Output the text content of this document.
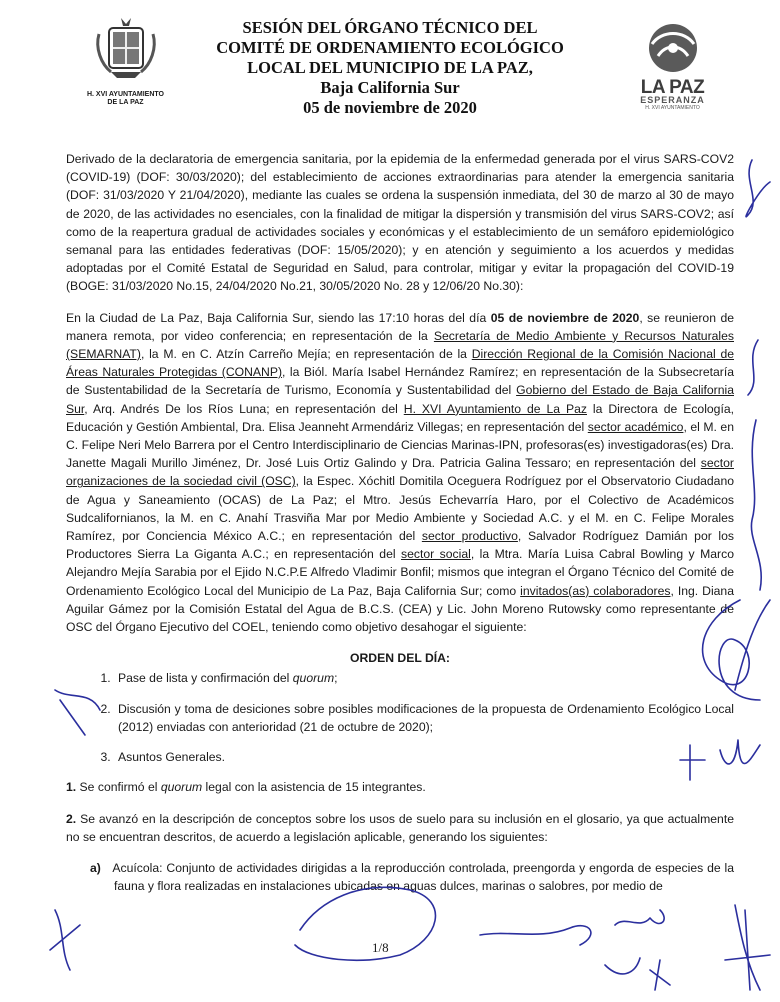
H. XVI AYUNTAMIENTO
DE LA PAZ
SESIÓN DEL ÓRGANO TÉCNICO DEL
COMITÉ DE ORDENAMIENTO ECOLÓGICO
LOCAL DEL MUNICIPIO DE LA PAZ,
Baja California Sur
05 de noviembre de 2020
LA PAZ
ESPERANZA
H. XVI AYUNTAMIENTO

Derivado de la declaratoria de emergencia sanitaria, por la epidemia de la enfermedad generada por el virus SARS-COV2 (COVID-19) (DOF: 30/03/2020); del establecimiento de acciones extraordinarias para atender la emergencia sanitaria (DOF: 31/03/2020 Y 21/04/2020), mediante las cuales se ordena la suspensión inmediata, del 30 de marzo al 30 de mayo de 2020, de las actividades no esenciales, con la finalidad de mitigar la dispersión y transmisión del virus SARS-COV2; así como de la reapertura gradual de actividades sociales y económicas y el establecimiento de un semáforo epidemiológico semanal para las entidades federativas (DOF: 15/05/2020); y en atención y seguimiento a los acuerdos y medidas adoptadas por el Comité Estatal de Seguridad en Salud, para controlar, mitigar y evitar la propagación del COVID-19 (BOGE: 31/03/2020 No.15, 24/04/2020 No.21, 30/05/2020 No. 28 y 12/06/20 No.30):

En la Ciudad de La Paz, Baja California Sur, siendo las 17:10 horas del día 05 de noviembre de 2020, se reunieron de manera remota, por video conferencia; en representación de la Secretaría de Medio Ambiente y Recursos Naturales (SEMARNAT), la M. en C. Atzín Carreño Mejía; en representación de la Dirección Regional de la Comisión Nacional de Áreas Naturales Protegidas (CONANP), la Biól. María Isabel Hernández Ramírez; en representación de la Subsecretaría de Sustentabilidad de la Secretaría de Turismo, Economía y Sustentabilidad del Gobierno del Estado de Baja California Sur, Arq. Andrés De los Ríos Luna; en representación del H. XVI Ayuntamiento de La Paz la Directora de Ecología, Educación y Gestión Ambiental, Dra. Elisa Jeanneht Armendáriz Villegas; en representación del sector académico, el M. en C. Felipe Neri Melo Barrera por el Centro Interdisciplinario de Ciencias Marinas-IPN, profesoras(es) investigadoras(es) Dra. Janette Magali Murillo Jiménez, Dr. José Luis Ortiz Galindo y Dra. Patricia Galina Tessaro; en representación del sector organizaciones de la sociedad civil (OSC), la Espec. Xóchitl Domitila Oceguera Rodríguez por el Observatorio Ciudadano de Agua y Saneamiento (OCAS) de La Paz; el Mtro. Jesús Echevarría Haro, por el Colectivo de Académicos Sudcalifornianos, la M. en C. Anahí Trasviña Mar por Medio Ambiente y Sociedad A.C. y el M. en C. Felipe Morales Ramírez, por Conciencia México A.C.; en representación del sector productivo, Salvador Rodríguez Damián por los Productores Sierra La Giganta A.C.; en representación del sector social, la Mtra. María Luisa Cabral Bowling y Marco Alejandro Mejía Sarabia por el Ejido N.C.P.E Alfredo Vladimir Bonfil; mismos que integran el Órgano Técnico del Comité de Ordenamiento Ecológico Local del Municipio de La Paz, Baja California Sur; como invitados(as) colaboradores, Ing. Diana Aguilar Gámez por la Comisión Estatal del Agua de B.C.S. (CEA) y Lic. John Moreno Rutowsky como representante de OSC del Órgano Ejecutivo del COEL, teniendo como objetivo desahogar el siguiente:

ORDEN DEL DÍA:
1. Pase de lista y confirmación del quorum;
2. Discusión y toma de desiciones sobre posibles modificaciones de la propuesta de Ordenamiento Ecológico Local (2012) enviadas con anterioridad (21 de octubre de 2020);
3. Asuntos Generales.

1. Se confirmó el quorum legal con la asistencia de 15 integrantes.

2. Se avanzó en la descripción de conceptos sobre los usos de suelo para su inclusión en el glosario, ya que actualmente no se encuentran descritos, de acuerdo a legislación aplicable, generando los siguientes:

a) Acuícola: Conjunto de actividades dirigidas a la reproducción controlada, preengorda y engorda de especies de la fauna y flora realizadas en instalaciones ubicadas en aguas dulces, marinas o salobres, por medio de

1/8
